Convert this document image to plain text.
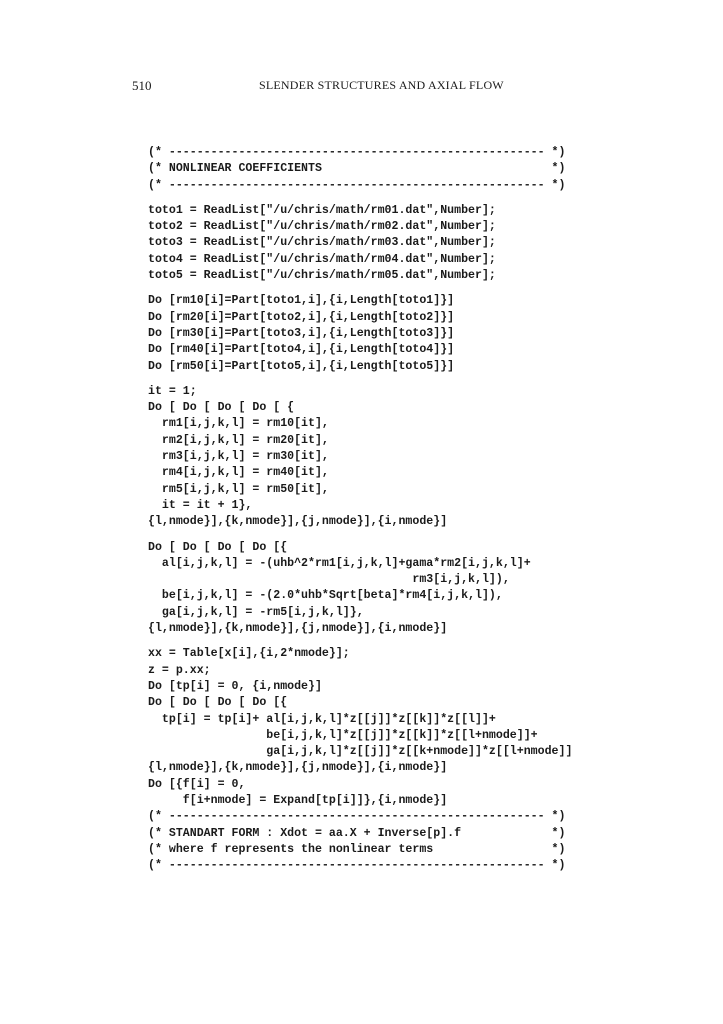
510	SLENDER STRUCTURES AND AXIAL FLOW
(* ------------------------------------------------------ *)
(* NONLINEAR COEFFICIENTS                                 *)
(* ------------------------------------------------------ *)
toto1 = ReadList["/u/chris/math/rm01.dat",Number];
toto2 = ReadList["/u/chris/math/rm02.dat",Number];
toto3 = ReadList["/u/chris/math/rm03.dat",Number];
toto4 = ReadList["/u/chris/math/rm04.dat",Number];
toto5 = ReadList["/u/chris/math/rm05.dat",Number];
Do [rm10[i]=Part[toto1,i],{i,Length[toto1]}]
Do [rm20[i]=Part[toto2,i],{i,Length[toto2]}]
Do [rm30[i]=Part[toto3,i],{i,Length[toto3]}]
Do [rm40[i]=Part[toto4,i],{i,Length[toto4]}]
Do [rm50[i]=Part[toto5,i],{i,Length[toto5]}]
it = 1;
Do [ Do [ Do [ Do [ {
rm1[i,j,k,l] = rm10[it],
rm2[i,j,k,l] = rm20[it],
rm3[i,j,k,l] = rm30[it],
rm4[i,j,k,l] = rm40[it],
rm5[i,j,k,l] = rm50[it],
it = it + 1},
{l,nmode}],{k,nmode}],{j,nmode}],{i,nmode}]
Do [ Do [ Do [ Do [{
al[i,j,k,l] = -(uhb^2*rm1[i,j,k,l]+gama*rm2[i,j,k,l]+
rm3[i,j,k,l]),
be[i,j,k,l] = -(2.0*uhb*Sqrt[beta]*rm4[i,j,k,l]),
ga[i,j,k,l] = -rm5[i,j,k,l]},
{l,nmode}],{k,nmode}],{j,nmode}],{i,nmode}]
xx = Table[x[i],{i,2*nmode}];
z = p.xx;
Do [tp[i] = 0, {i,nmode}]
Do [ Do [ Do [ Do [{
tp[i] = tp[i]+ al[i,j,k,l]*z[[j]]*z[[k]]*z[[l]]+
be[i,j,k,l]*z[[j]]*z[[k]]*z[[l+nmode]]+
ga[i,j,k,l]*z[[j]]*z[[k+nmode]]*z[[l+nmode]]
{l,nmode}],{k,nmode}],{j,nmode}],{i,nmode}]
Do [{f[i] = 0,
f[i+nmode] = Expand[tp[i]]},{i,nmode}]
(* ------------------------------------------------------ *)
(* STANDART FORM : Xdot = aa.X + Inverse[p].f             *)
(* where f represents the nonlinear terms                 *)
(* ------------------------------------------------------ *)
